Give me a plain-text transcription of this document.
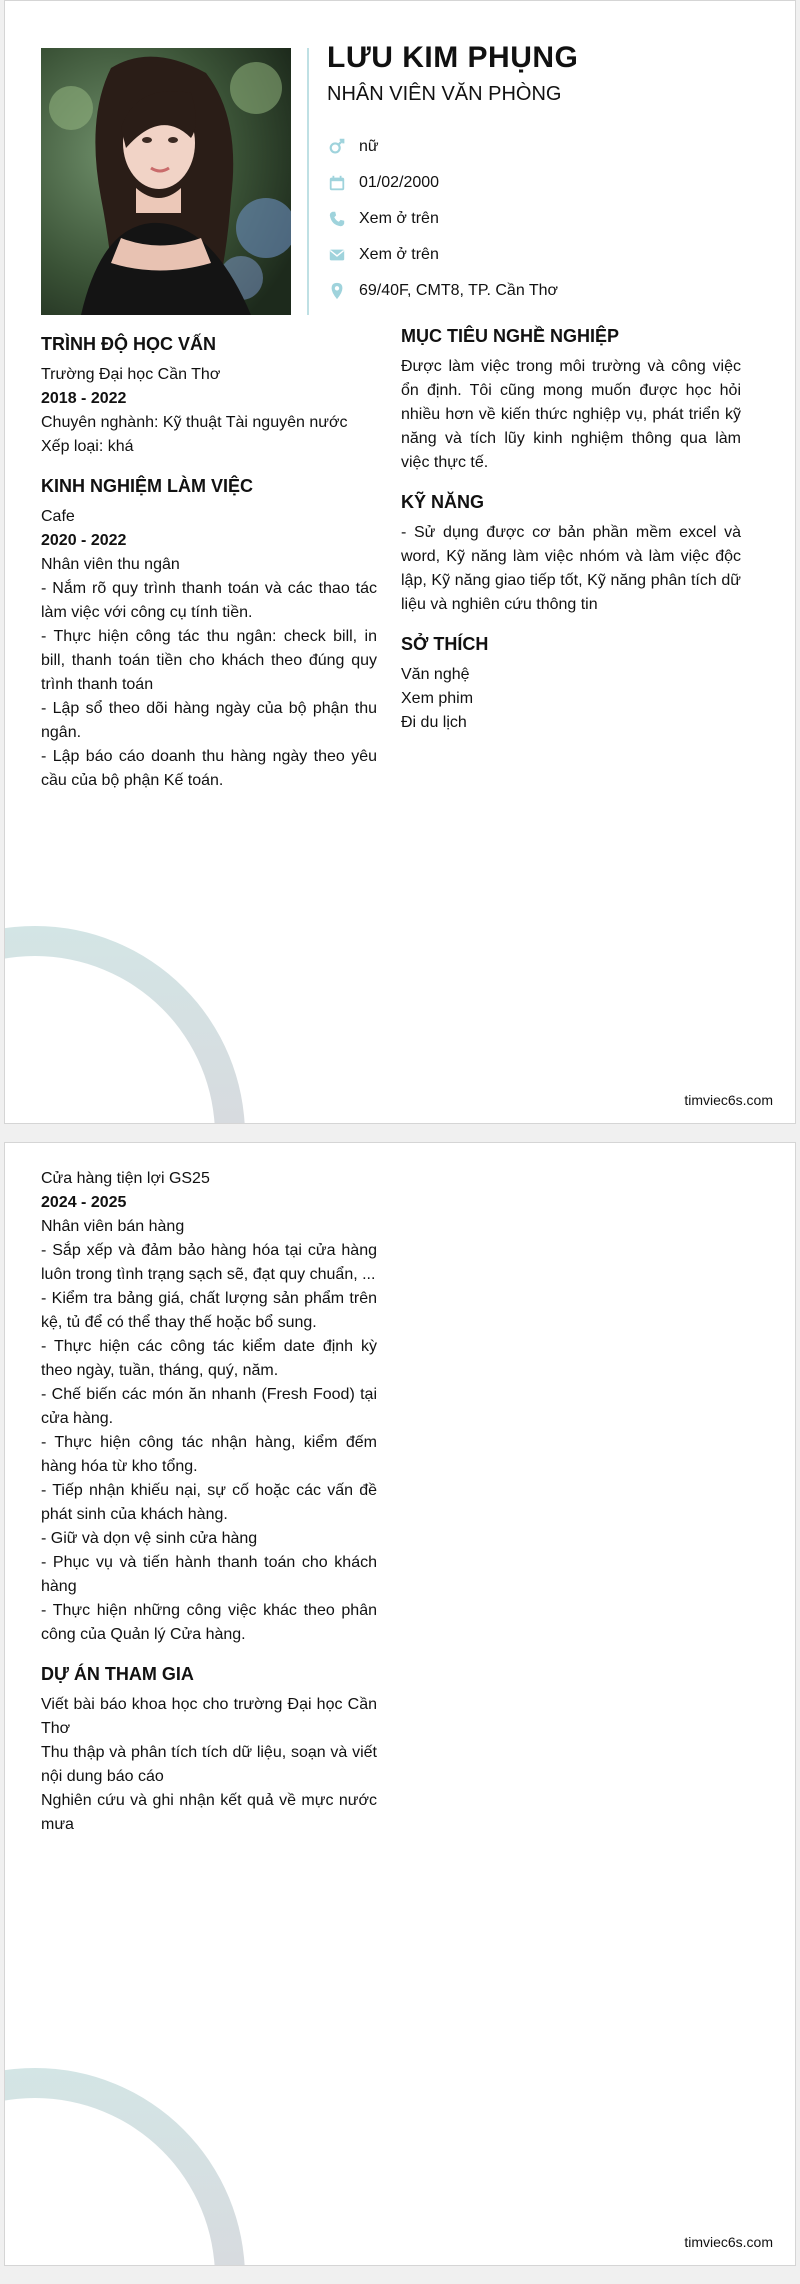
LƯU KIM PHỤNG
NHÂN VIÊN VĂN PHÒNG
nữ
01/02/2000
Xem ở trên
Xem ở trên
69/40F, CMT8, TP. Cần Thơ
TRÌNH ĐỘ HỌC VẤN
Trường Đại học Cần Thơ
2018 - 2022
Chuyên nghành: Kỹ thuật Tài nguyên nước
Xếp loại: khá
KINH NGHIỆM LÀM VIỆC
Cafe
2020 - 2022
Nhân viên thu ngân
- Nắm rõ quy trình thanh toán và các thao tác làm việc với công cụ tính tiền.
- Thực hiện công tác thu ngân: check bill, in bill, thanh toán tiền cho khách theo đúng quy trình thanh toán
- Lập sổ theo dõi hàng ngày của bộ phận thu ngân.
- Lập báo cáo doanh thu hàng ngày theo yêu cầu của bộ phận Kế toán.
MỤC TIÊU NGHỀ NGHIỆP
Được làm việc trong môi trường và công việc ổn định. Tôi cũng mong muốn được học hỏi nhiều hơn về kiến thức nghiệp vụ, phát triển kỹ năng và tích lũy kinh nghiệm thông qua làm việc thực tế.
KỸ NĂNG
- Sử dụng được cơ bản phần mềm excel và word, Kỹ năng làm việc nhóm và làm việc độc lập, Kỹ năng giao tiếp tốt, Kỹ năng phân tích dữ liệu và nghiên cứu thông tin
SỞ THÍCH
Văn nghệ
Xem phim
Đi du lịch
timviec6s.com
Cửa hàng tiện lợi GS25
2024 - 2025
Nhân viên bán hàng
- Sắp xếp và đảm bảo hàng hóa tại cửa hàng luôn trong tình trạng sạch sẽ, đạt quy chuẩn, ...
- Kiểm tra bảng giá, chất lượng sản phẩm trên kệ, tủ để có thể thay thế hoặc bổ sung.
- Thực hiện các công tác kiểm date định kỳ theo ngày, tuần, tháng, quý, năm.
- Chế biến các món ăn nhanh (Fresh Food) tại cửa hàng.
- Thực hiện công tác nhận hàng, kiểm đếm hàng hóa từ kho tổng.
- Tiếp nhận khiếu nại, sự cố hoặc các vấn đề phát sinh của khách hàng.
- Giữ và dọn vệ sinh cửa hàng
- Phục vụ và tiến hành thanh toán cho khách hàng
- Thực hiện những công việc khác theo phân công của Quản lý Cửa hàng.
DỰ ÁN THAM GIA
Viết bài báo khoa học cho trường Đại học Cần Thơ
Thu thập và phân tích tích dữ liệu, soạn và viết nội dung báo cáo
Nghiên cứu và ghi nhận kết quả về mực nước mưa
timviec6s.com
